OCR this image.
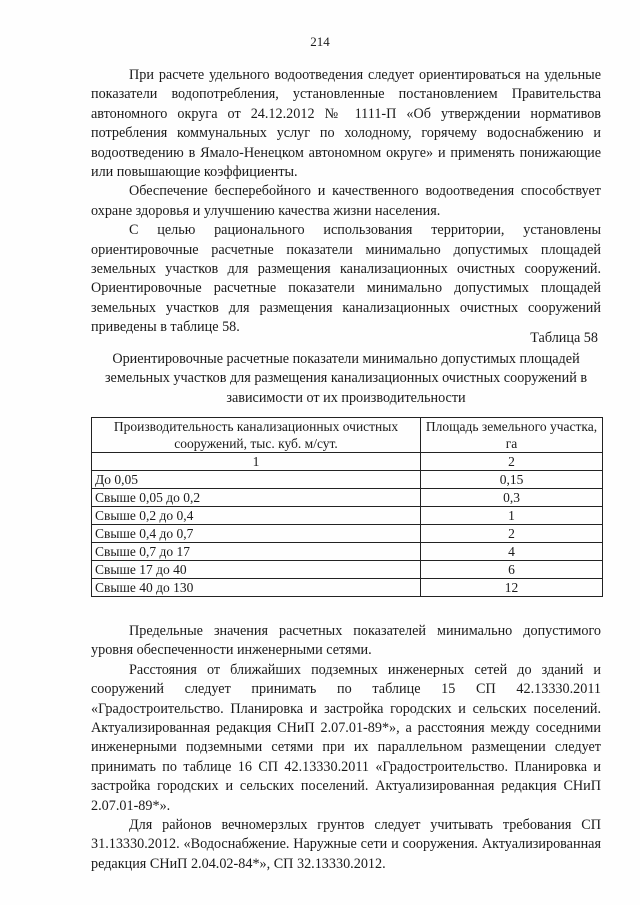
214

При расчете удельного водоотведения следует ориентироваться на удельные показатели водопотребления, установленные постановлением Правительства автономного округа от 24.12.2012 № 1111-П «Об утверждении нормативов потребления коммунальных услуг по холодному, горячему водоснабжению и водоотведению в Ямало-Ненецком автономном округе» и применять понижающие или повышающие коэффициенты.

Обеспечение бесперебойного и качественного водоотведения способствует охране здоровья и улучшению качества жизни населения.

С целью рационального использования территории, установлены ориентировочные расчетные показатели минимально допустимых площадей земельных участков для размещения канализационных очистных сооружений. Ориентировочные расчетные показатели минимально допустимых площадей земельных участков для размещения канализационных очистных сооружений приведены в таблице 58.

Таблица 58
Ориентировочные расчетные показатели минимально допустимых площадей земельных участков для размещения канализационных очистных сооружений в зависимости от их производительности
Производительность канализационных очистных сооружений, тыс. куб. м/сут.	Площадь земельного участка, га
1	2
До 0,05	0,15
Свыше 0,05 до 0,2	0,3
Свыше 0,2 до 0,4	1
Свыше 0,4 до 0,7	2
Свыше 0,7 до 17	4
Свыше 17 до 40	6
Свыше 40 до 130	12

Предельные значения расчетных показателей минимально допустимого уровня обеспеченности инженерными сетями.

Расстояния от ближайших подземных инженерных сетей до зданий и сооружений следует принимать по таблице 15 СП 42.13330.2011 «Градостроительство. Планировка и застройка городских и сельских поселений. Актуализированная редакция СНиП 2.07.01-89*», а расстояния между соседними инженерными подземными сетями при их параллельном размещении следует принимать по таблице 16 СП 42.13330.2011 «Градостроительство. Планировка и застройка городских и сельских поселений. Актуализированная редакция СНиП 2.07.01-89*».

Для районов вечномерзлых грунтов следует учитывать требования СП 31.13330.2012. «Водоснабжение. Наружные сети и сооружения. Актуализированная редакция СНиП 2.04.02-84*», СП 32.13330.2012.
